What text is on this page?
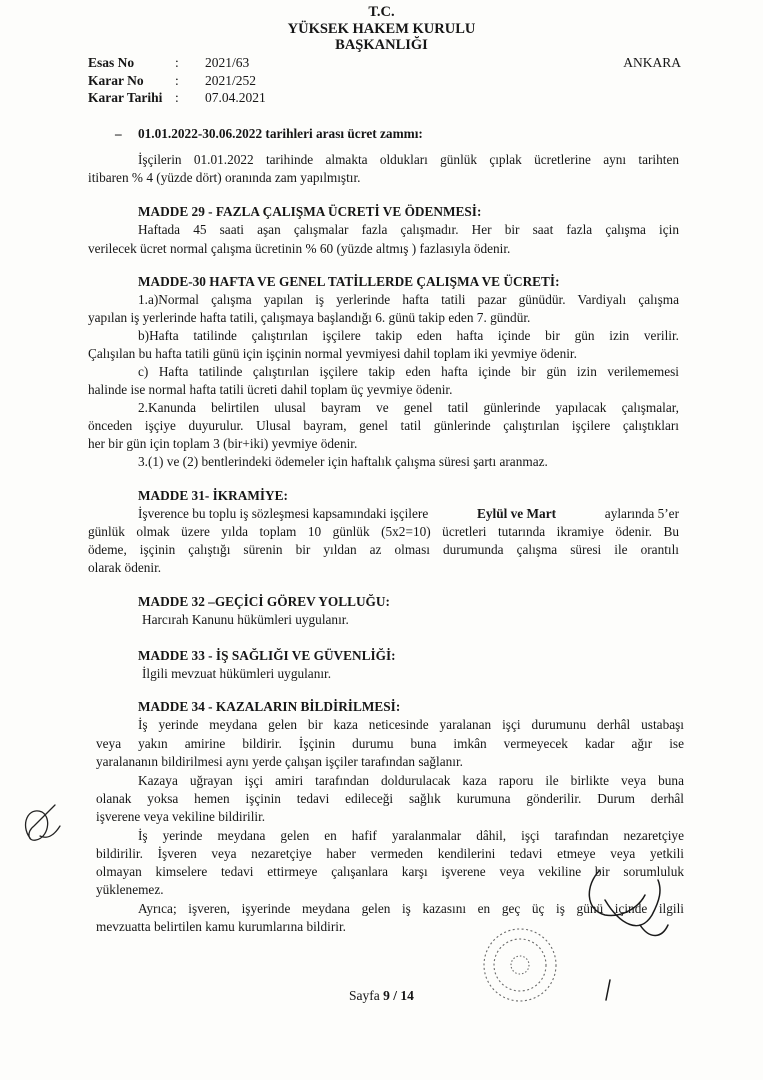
T.C.
YÜKSEK HAKEM KURULU
BAŞKANLIĞI
Esas No	:	2021/63
Karar No	:	2021/252
Karar Tarihi :	07.04.2021
ANKARA
– 01.01.2022-30.06.2022 tarihleri arası ücret zammı:
İşçilerin 01.01.2022 tarihinde almakta oldukları günlük çıplak ücretlerine aynı tarihten
itibaren % 4 (yüzde dört) oranında zam yapılmıştır.
MADDE 29 - FAZLA ÇALIŞMA ÜCRETİ VE ÖDENMESİ:
Haftada 45 saati aşan çalışmalar fazla çalışmadır. Her bir saat fazla çalışma için
verilecek ücret normal çalışma ücretinin % 60 (yüzde altmış ) fazlasıyla ödenir.
MADDE-30 HAFTA VE GENEL TATİLLERDE ÇALIŞMA VE ÜCRETİ:
1.a)Normal çalışma yapılan iş yerlerinde hafta tatili pazar günüdür. Vardiyalı çalışma
yapılan iş yerlerinde hafta tatili, çalışmaya başlandığı 6. günü takip eden 7. gündür.
b)Hafta tatilinde çalıştırılan işçilere takip eden hafta içinde bir gün izin verilir.
Çalışılan bu hafta tatili günü için işçinin normal yevmiyesi dahil toplam iki yevmiye ödenir.
c) Hafta tatilinde çalıştırılan işçilere takip eden hafta içinde bir gün izin verilememesi
halinde ise normal hafta tatili ücreti dahil toplam üç yevmiye ödenir.
2.Kanunda belirtilen ulusal bayram ve genel tatil günlerinde yapılacak çalışmalar,
önceden işçiye duyurulur. Ulusal bayram, genel tatil günlerinde çalıştırılan işçilere çalıştıkları
her bir gün için toplam 3 (bir+iki) yevmiye ödenir.
3.(1) ve (2) bentlerindeki ödemeler için haftalık çalışma süresi şartı aranmaz.
MADDE 31- İKRAMİYE:
İşverence bu toplu iş sözleşmesi kapsamındaki işçilere	Eylül ve Mart	aylarında 5’er
günlük olmak üzere yılda toplam 10 günlük (5x2=10) ücretleri tutarında ikramiye ödenir. Bu
ödeme, işçinin çalıştığı sürenin bir yıldan az olması durumunda çalışma süresi ile orantılı
olarak ödenir.
MADDE 32 –GEÇİCİ GÖREV YOLLUĞU:
Harcırah Kanunu hükümleri uygulanır.
MADDE 33 - İŞ SAĞLIĞI VE GÜVENLİĞİ:
İlgili mevzuat hükümleri uygulanır.
MADDE 34 - KAZALARIN BİLDİRİLMESİ:
İş yerinde meydana gelen bir kaza neticesinde yaralanan işçi durumunu derhâl ustabaşı
veya yakın amirine bildirir. İşçinin durumu buna imkân vermeyecek kadar ağır ise
yaralananın bildirilmesi aynı yerde çalışan işçiler tarafından sağlanır.
Kazaya uğrayan işçi amiri tarafından doldurulacak kaza raporu ile birlikte veya buna
olanak yoksa hemen işçinin tedavi edileceği sağlık kurumuna gönderilir. Durum derhâl
işverene veya vekiline bildirilir.
İş yerinde meydana gelen en hafif yaralanmalar dâhil, işçi tarafından nezaretçiye
bildirilir. İşveren veya nezaretçiye haber vermeden kendilerini tedavi etmeye veya yetkili
olmayan kimselere tedavi ettirmeye çalışanlara karşı işverene veya vekiline bir sorumluluk
yüklenemez.
Ayrıca; işveren, işyerinde meydana gelen iş kazasını en geç üç iş günü içinde ilgili
mevzuatta belirtilen kamu kurumlarına bildirir.
Sayfa 9 / 14
